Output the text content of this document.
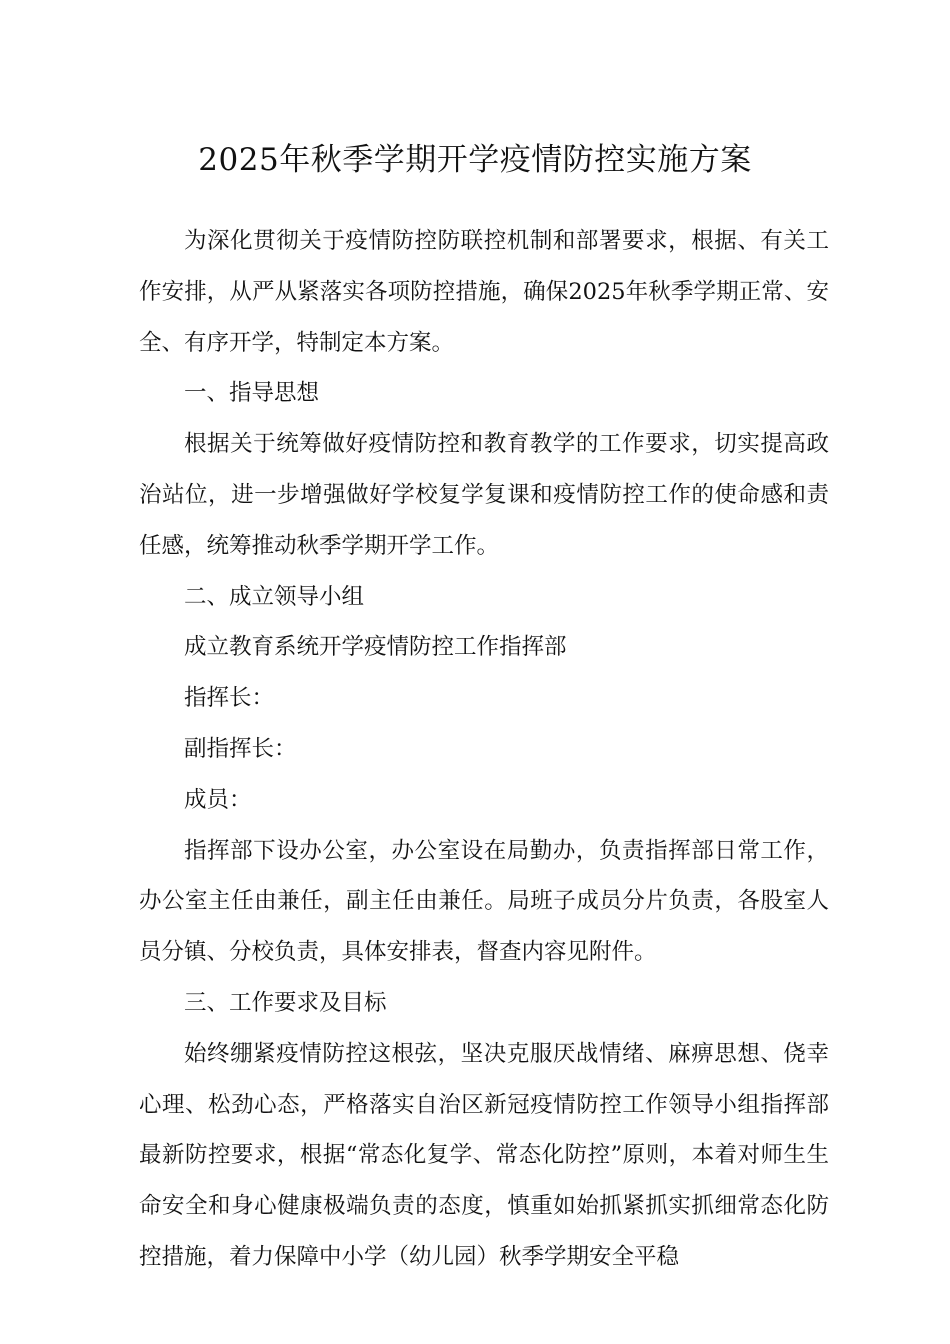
2025年秋季学期开学疫情防控实施方案

为深化贯彻关于疫情防控防联控机制和部署要求，根据、有关工作安排，从严从紧落实各项防控措施，确保2025年秋季学期正常、安全、有序开学，特制定本方案。

一、指导思想

根据关于统筹做好疫情防控和教育教学的工作要求，切实提高政治站位，进一步增强做好学校复学复课和疫情防控工作的使命感和责任感，统筹推动秋季学期开学工作。

二、成立领导小组

成立教育系统开学疫情防控工作指挥部

指挥长：

副指挥长：

成员：

指挥部下设办公室，办公室设在局勤办，负责指挥部日常工作，办公室主任由兼任，副主任由兼任。局班子成员分片负责，各股室人员分镇、分校负责，具体安排表，督查内容见附件。

三、工作要求及目标

始终绷紧疫情防控这根弦，坚决克服厌战情绪、麻痹思想、侥幸心理、松劲心态，严格落实自治区新冠疫情防控工作领导小组指挥部最新防控要求，根据“常态化复学、常态化防控”原则，本着对师生生命安全和身心健康极端负责的态度，慎重如始抓紧抓实抓细常态化防控措施，着力保障中小学（幼儿园）秋季学期安全平稳
